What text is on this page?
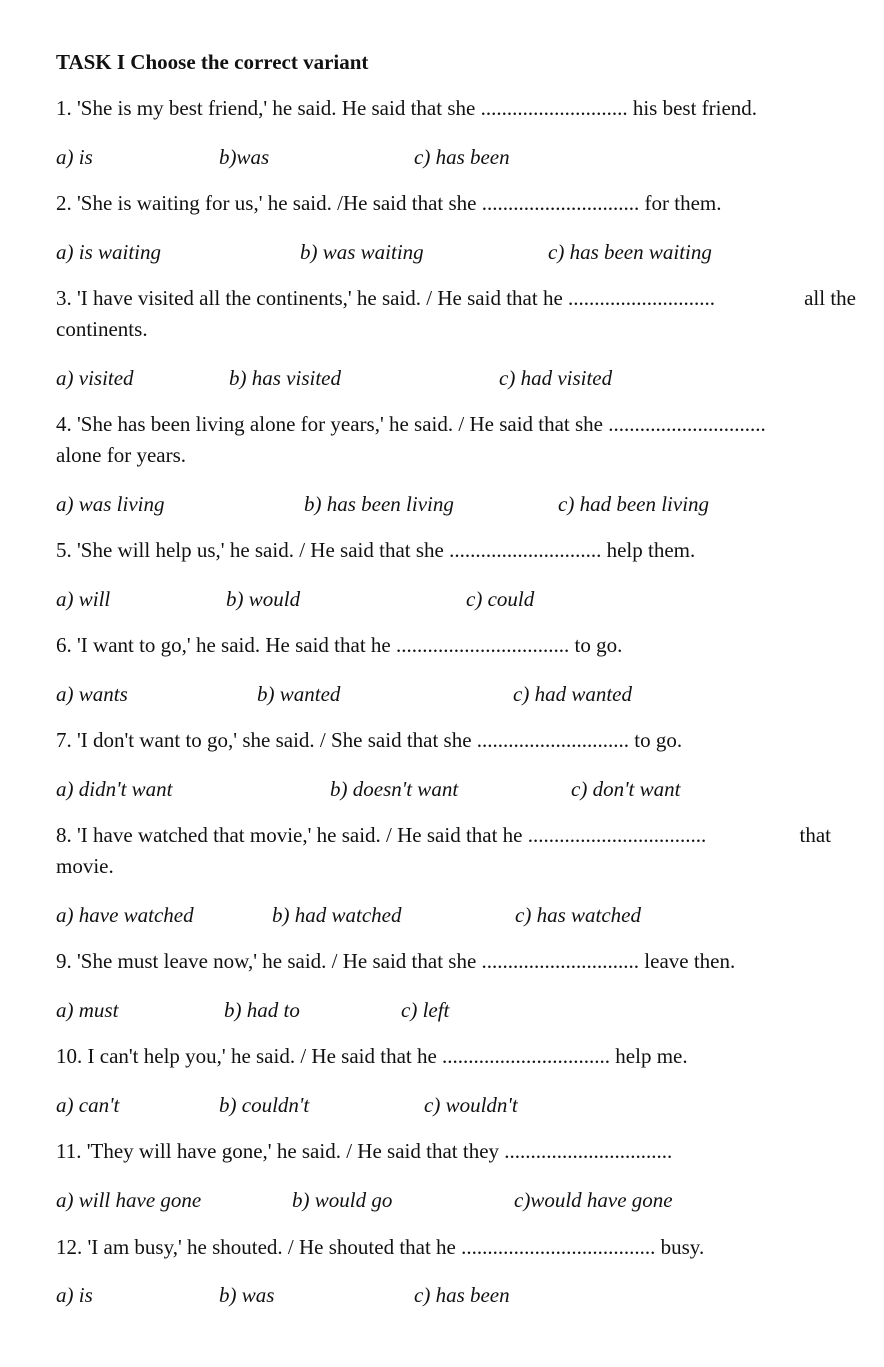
TASK I Choose the correct variant
1. 'She is my best friend,' he said. He said that she ............................ his best friend.
a) is	b)was	c) has been
2. 'She is waiting for us,' he said. /He said that she .............................. for them.
a) is waiting	b) was waiting	c) has been waiting
3. 'I have visited all the continents,' he said. / He said that he ............................	all the
continents.
a) visited	b) has visited	c) had visited
4. 'She has been living alone for years,' he said. / He said that she ..............................
alone for years.
a) was living	b) has been living	c) had been living
5. 'She will help us,' he said. / He said that she ............................. help them.
a) will	b) would	c) could
6. 'I want to go,' he said. He said that he ................................. to go.
a) wants	b) wanted	c) had wanted
7. 'I don't want to go,' she said. / She said that she ............................. to go.
a) didn't want	b) doesn't want	c) don't want
8. 'I have watched that movie,' he said. / He said that he ..................................	that
movie.
a) have watched	b) had watched	c) has watched
9. 'She must leave now,' he said. / He said that she .............................. leave then.
a) must	b) had to	c) left
10. I can't help you,' he said. / He said that he ................................ help me.
a) can't	b) couldn't	c) wouldn't
11. 'They will have gone,' he said. / He said that they ................................
a) will have gone	b) would go	c)would have gone
12. 'I am busy,' he shouted. / He shouted that he ..................................... busy.
a) is	b) was	c) has been
